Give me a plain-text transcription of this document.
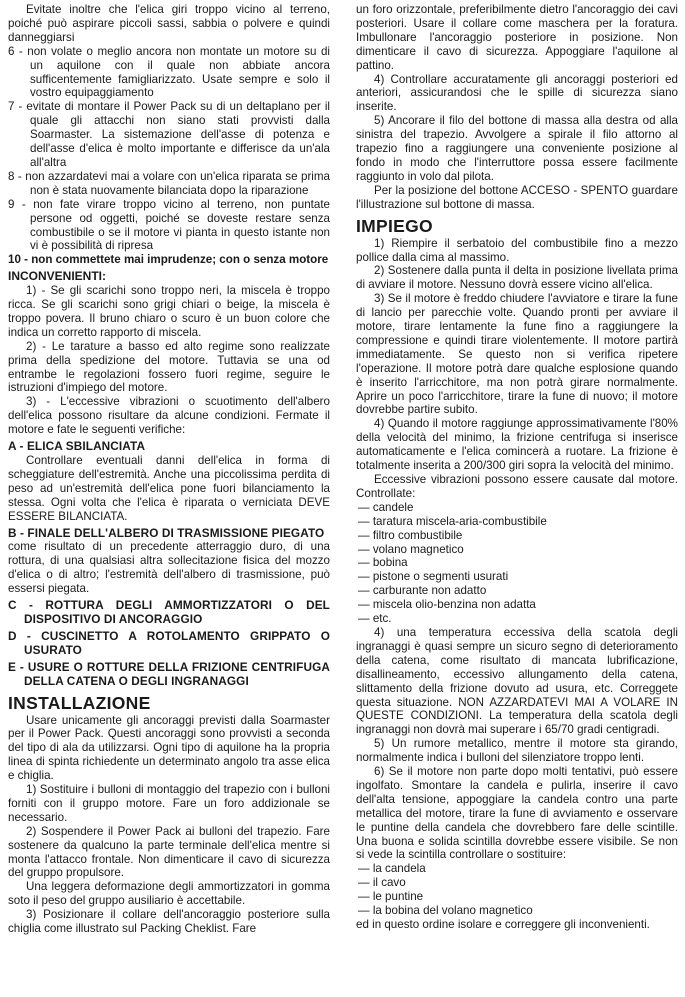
Evitate inoltre che l'elica giri troppo vicino al terreno, poiché può aspirare piccoli sassi, sabbia o polvere e quindi danneggiarsi

6 - non volate o meglio ancora non montate un motore su di un aquilone con il quale non abbiate ancora sufficentemente famigliarizzato. Usate sempre e solo il vostro equipaggiamento

7 - evitate di montare il Power Pack su di un deltaplano per il quale gli attacchi non siano stati provvisti dalla Soarmaster. La sistemazione dell'asse di potenza e dell'asse d'elica è molto importante e differisce da un'ala all'altra

8 - non azzardatevi mai a volare con un'elica riparata se prima non è stata nuovamente bilanciata dopo la riparazione

9 - non fate virare troppo vicino al terreno, non puntate persone od oggetti, poiché se doveste restare senza combustibile o se il motore vi pianta in questo istante non vi è possibilità di ripresa

10 - non commettete mai imprudenze; con o senza motore

INCONVENIENTI:

1) - Se gli scarichi sono troppo neri, la miscela è troppo ricca. Se gli scarichi sono grigi chiari o beige, la miscela è troppo povera. Il bruno chiaro o scuro è un buon colore che indica un corretto rapporto di miscela.

2) - Le tarature a basso ed alto regime sono realizzate prima della spedizione del motore. Tuttavia se una od entrambe le regolazioni fossero fuori regime, seguire le istruzioni d'impiego del motore.

3) - L'eccessive vibrazioni o scuotimento dell'albero dell'elica possono risultare da alcune condizioni. Fermate il motore e fate le seguenti verifiche:

A - ELICA SBILANCIATA

Controllare eventuali danni dell'elica in forma di scheggiature dell'estremità. Anche una piccolissima perdita di peso ad un'estremità dell'elica pone fuori bilanciamento la stessa. Ogni volta che l'elica è riparata o verniciata DEVE ESSERE BILANCIATA.

B - FINALE DELL'ALBERO DI TRASMISSIONE PIEGATO

come risultato di un precedente atterraggio duro, di una rottura, di una qualsiasi altra sollecitazione fisica del mozzo d'elica o di altro; l'estremità dell'albero di trasmissione, può essersi piegata.

C - ROTTURA DEGLI AMMORTIZZATORI O DEL DISPOSITIVO DI ANCORAGGIO

D - CUSCINETTO A ROTOLAMENTO GRIPPATO O USURATO

E - USURE O ROTTURE DELLA FRIZIONE CENTRIFUGA DELLA CATENA O DEGLI INGRANAGGI

INSTALLAZIONE

Usare unicamente gli ancoraggi previsti dalla Soarmaster per il Power Pack. Questi ancoraggi sono provvisti a seconda del tipo di ala da utilizzarsi. Ogni tipo di aquilone ha la propria linea di spinta richiedente un determinato angolo tra asse elica e chiglia.

1) Sostituire i bulloni di montaggio del trapezio con i bulloni forniti con il gruppo motore. Fare un foro addizionale se necessario.

2) Sospendere il Power Pack ai bulloni del trapezio. Fare sostenere da qualcuno la parte terminale dell'elica mentre si monta l'attacco frontale. Non dimenticare il cavo di sicurezza del gruppo propulsore.

Una leggera deformazione degli ammortizzatori in gomma soto il peso del gruppo ausiliario è accettabile.

3) Posizionare il collare dell'ancoraggio posteriore sulla chiglia come illustrato sul Packing Cheklist. Fare

un foro orizzontale, preferibilmente dietro l'ancoraggio dei cavi posteriori. Usare il collare come maschera per la foratura. Imbullonare l'ancoraggio posteriore in posizione. Non dimenticare il cavo di sicurezza. Appoggiare l'aquilone al pattino.

4) Controllare accuratamente gli ancoraggi posteriori ed anteriori, assicurandosi che le spille di sicurezza siano inserite.

5) Ancorare il filo del bottone di massa alla destra od alla sinistra del trapezio. Avvolgere a spirale il filo attorno al trapezio fino a raggiungere una conveniente posizione al fondo in modo che l'interruttore possa essere facilmente raggiunto in volo dal pilota.

Per la posizione del bottone ACCESO - SPENTO guardare l'illustrazione sul bottone di massa.

IMPIEGO

1) Riempire il serbatoio del combustibile fino a mezzo pollice dalla cima al massimo.

2) Sostenere dalla punta il delta in posizione livellata prima di avviare il motore. Nessuno dovrà essere vicino all'elica.

3) Se il motore è freddo chiudere l'avviatore e tirare la fune di lancio per parecchie volte. Quando pronti per avviare il motore, tirare lentamente la fune fino a raggiungere la compressione e quindi tirare violentemente. Il motore partirà immediatamente. Se questo non si verifica ripetere l'operazione. Il motore potrà dare qualche esplosione quando è inserito l'arricchitore, ma non potrà girare normalmente. Aprire un poco l'arricchitore, tirare la fune di nuovo; il motore dovrebbe partire subito.

4) Quando il motore raggiunge approssimativamente l'80% della velocità del minimo, la frizione centrifuga si inserisce automaticamente e l'elica comincerà a ruotare. La frizione è totalmente inserita a 200/300 giri sopra la velocità del minimo.

Eccessive vibrazioni possono essere causate dal motore. Controllate:

— candele
— taratura miscela-aria-combustibile
— filtro combustibile
— volano magnetico
— bobina
— pistone o segmenti usurati
— carburante non adatto
— miscela olio-benzina non adatta
— etc.

4) una temperatura eccessiva della scatola degli ingranaggi è quasi sempre un sicuro segno di deterioramento della catena, come risultato di mancata lubrificazione, disallineamento, eccessivo allungamento della catena, slittamento della frizione dovuto ad usura, etc. Correggete questa situazione. NON AZZARDATEVI MAI A VOLARE IN QUESTE CONDIZIONI. La temperatura della scatola degli ingranaggi non dovrà mai superare i 65/70 gradi centigradi.

5) Un rumore metallico, mentre il motore sta girando, normalmente indica i bulloni del silenziatore troppo lenti.

6) Se il motore non parte dopo molti tentativi, può essere ingolfato. Smontare la candela e pulirla, inserire il cavo dell'alta tensione, appoggiare la candela contro una parte metallica del motore, tirare la fune di avviamento e osservare le puntine della candela che dovrebbero fare delle scintille. Una buona e solida scintilla dovrebbe essere visibile. Se non si vede la scintilla controllare o sostituire:

— la candela
— il cavo
— le puntine
— la bobina del volano magnetico

ed in questo ordine isolare e correggere gli inconvenienti.
